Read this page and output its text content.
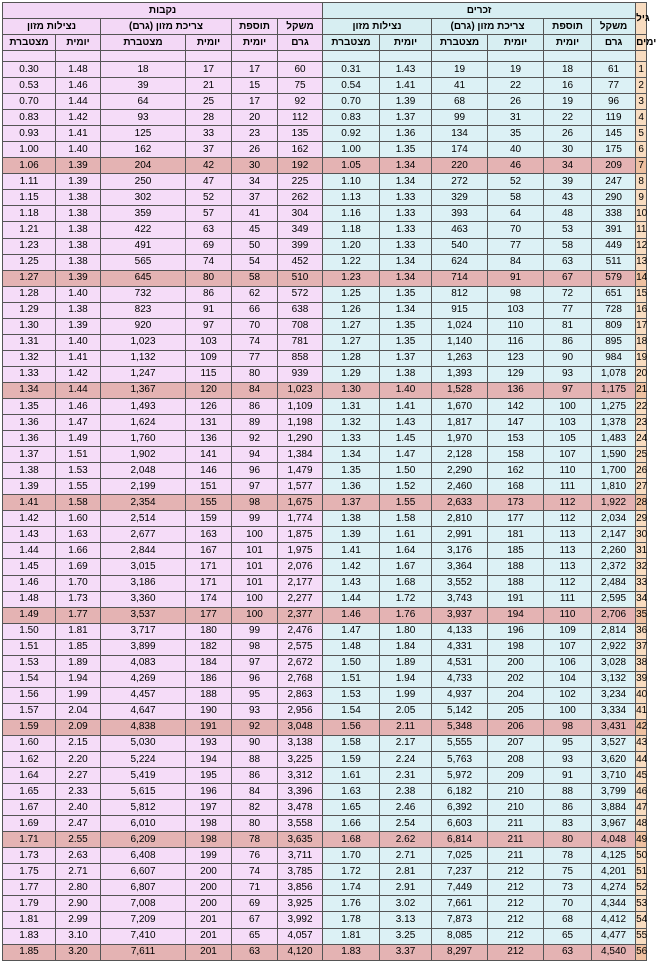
נקבות						זכרים						גיל
נצילות מזון		צריכת מזון (גרם)		תוספת	משקל	נצילות מזון		צריכת מזון (גרם)		תוספת	משקל	
מצטברת	יומית	מצטברת	יומית	יומית	גרם	מצטברת	יומית	מצטברת	יומית	יומית	גרם	ימים

0.30	1.48	18	17	17	60	0.31	1.43	19	19	18	61	1
0.53	1.46	39	21	15	75	0.54	1.41	41	22	16	77	2
0.70	1.44	64	25	17	92	0.70	1.39	68	26	19	96	3
0.83	1.42	93	28	20	112	0.83	1.37	99	31	22	119	4
0.93	1.41	125	33	23	135	0.92	1.36	134	35	26	145	5
1.00	1.40	162	37	26	162	1.00	1.35	174	40	30	175	6
1.06	1.39	204	42	30	192	1.05	1.34	220	46	34	209	7
1.11	1.39	250	47	34	225	1.10	1.34	272	52	39	247	8
1.15	1.38	302	52	37	262	1.13	1.33	329	58	43	290	9
1.18	1.38	359	57	41	304	1.16	1.33	393	64	48	338	10
1.21	1.38	422	63	45	349	1.18	1.33	463	70	53	391	11
1.23	1.38	491	69	50	399	1.20	1.33	540	77	58	449	12
1.25	1.38	565	74	54	452	1.22	1.34	624	84	63	511	13
1.27	1.39	645	80	58	510	1.23	1.34	714	91	67	579	14
1.28	1.40	732	86	62	572	1.25	1.35	812	98	72	651	15
1.29	1.38	823	91	66	638	1.26	1.34	915	103	77	728	16
1.30	1.39	920	97	70	708	1.27	1.35	1,024	110	81	809	17
1.31	1.40	1,023	103	74	781	1.27	1.35	1,140	116	86	895	18
1.32	1.41	1,132	109	77	858	1.28	1.37	1,263	123	90	984	19
1.33	1.42	1,247	115	80	939	1.29	1.38	1,393	129	93	1,078	20
1.34	1.44	1,367	120	84	1,023	1.30	1.40	1,528	136	97	1,175	21
1.35	1.46	1,493	126	86	1,109	1.31	1.41	1,670	142	100	1,275	22
1.36	1.47	1,624	131	89	1,198	1.32	1.43	1,817	147	103	1,378	23
1.36	1.49	1,760	136	92	1,290	1.33	1.45	1,970	153	105	1,483	24
1.37	1.51	1,902	141	94	1,384	1.34	1.47	2,128	158	107	1,590	25
1.38	1.53	2,048	146	96	1,479	1.35	1.50	2,290	162	110	1,700	26
1.39	1.55	2,199	151	97	1,577	1.36	1.52	2,460	168	111	1,810	27
1.41	1.58	2,354	155	98	1,675	1.37	1.55	2,633	173	112	1,922	28
1.42	1.60	2,514	159	99	1,774	1.38	1.58	2,810	177	112	2,034	29
1.43	1.63	2,677	163	100	1,875	1.39	1.61	2,991	181	113	2,147	30
1.44	1.66	2,844	167	101	1,975	1.41	1.64	3,176	185	113	2,260	31
1.45	1.69	3,015	171	101	2,076	1.42	1.67	3,364	188	113	2,372	32
1.46	1.70	3,186	171	101	2,177	1.43	1.68	3,552	188	112	2,484	33
1.48	1.73	3,360	174	100	2,277	1.44	1.72	3,743	191	111	2,595	34
1.49	1.77	3,537	177	100	2,377	1.46	1.76	3,937	194	110	2,706	35
1.50	1.81	3,717	180	99	2,476	1.47	1.80	4,133	196	109	2,814	36
1.51	1.85	3,899	182	98	2,575	1.48	1.84	4,331	198	107	2,922	37
1.53	1.89	4,083	184	97	2,672	1.50	1.89	4,531	200	106	3,028	38
1.54	1.94	4,269	186	96	2,768	1.51	1.94	4,733	202	104	3,132	39
1.56	1.99	4,457	188	95	2,863	1.53	1.99	4,937	204	102	3,234	40
1.57	2.04	4,647	190	93	2,956	1.54	2.05	5,142	205	100	3,334	41
1.59	2.09	4,838	191	92	3,048	1.56	2.11	5,348	206	98	3,431	42
1.60	2.15	5,030	193	90	3,138	1.58	2.17	5,555	207	95	3,527	43
1.62	2.20	5,224	194	88	3,225	1.59	2.24	5,763	208	93	3,620	44
1.64	2.27	5,419	195	86	3,312	1.61	2.31	5,972	209	91	3,710	45
1.65	2.33	5,615	196	84	3,396	1.63	2.38	6,182	210	88	3,799	46
1.67	2.40	5,812	197	82	3,478	1.65	2.46	6,392	210	86	3,884	47
1.69	2.47	6,010	198	80	3,558	1.66	2.54	6,603	211	83	3,967	48
1.71	2.55	6,209	198	78	3,635	1.68	2.62	6,814	211	80	4,048	49
1.73	2.63	6,408	199	76	3,711	1.70	2.71	7,025	211	78	4,125	50
1.75	2.71	6,607	200	74	3,785	1.72	2.81	7,237	212	75	4,201	51
1.77	2.80	6,807	200	71	3,856	1.74	2.91	7,449	212	73	4,274	52
1.79	2.90	7,008	200	69	3,925	1.76	3.02	7,661	212	70	4,344	53
1.81	2.99	7,209	201	67	3,992	1.78	3.13	7,873	212	68	4,412	54
1.83	3.10	7,410	201	65	4,057	1.81	3.25	8,085	212	65	4,477	55
1.85	3.20	7,611	201	63	4,120	1.83	3.37	8,297	212	63	4,540	56
